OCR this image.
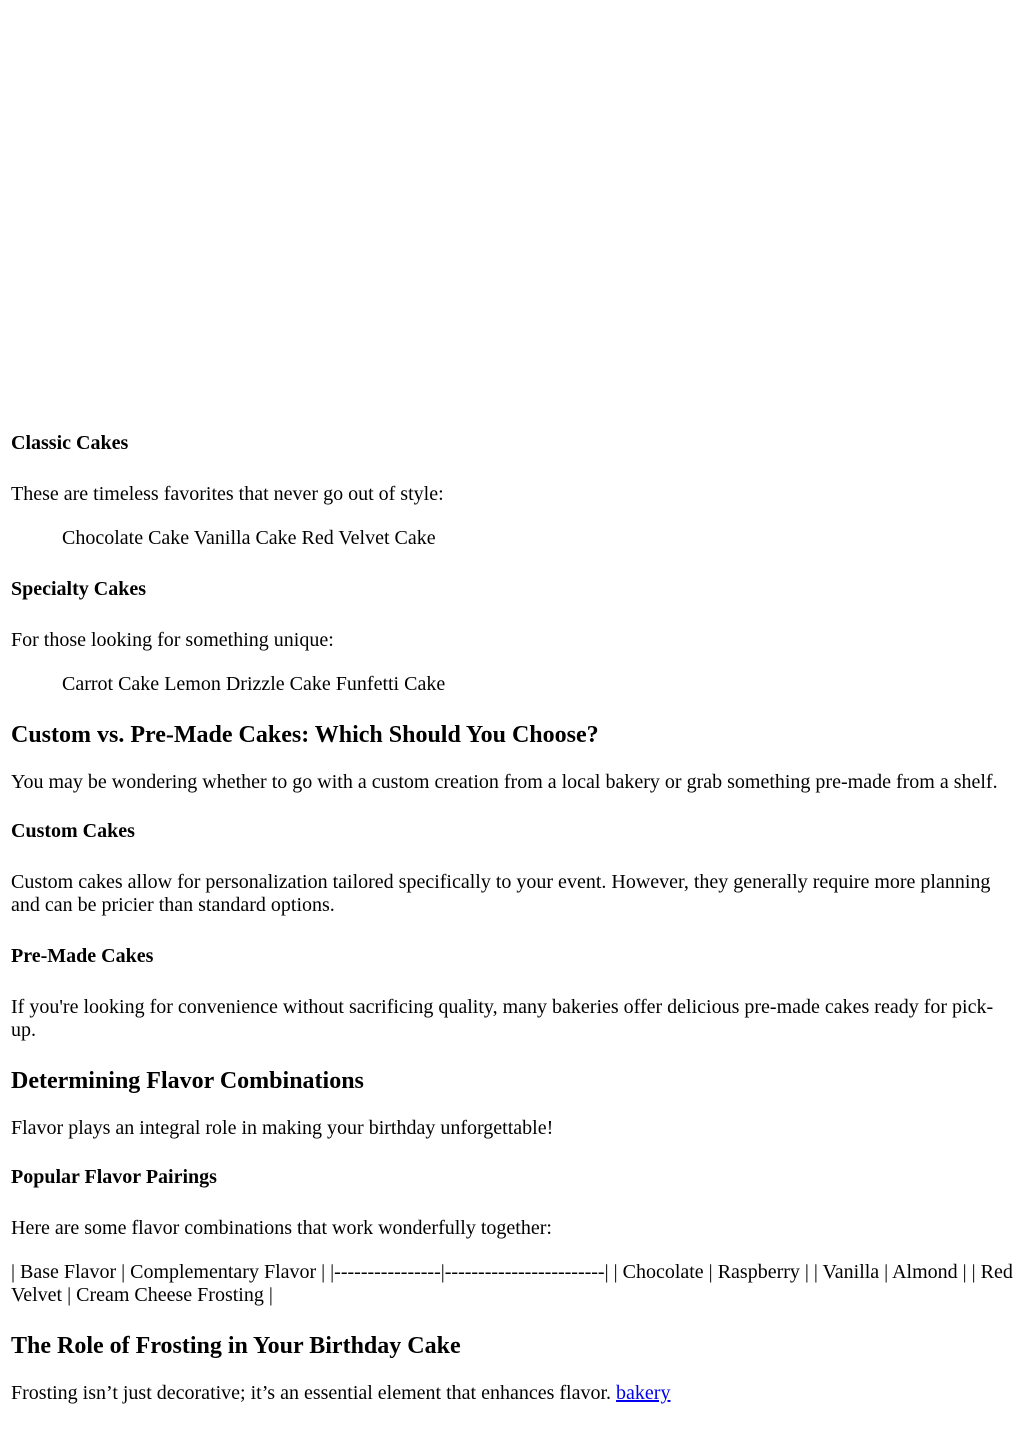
Classic Cakes

These are timeless favorites that never go out of style:

Chocolate Cake Vanilla Cake Red Velvet Cake

Specialty Cakes

For those looking for something unique:

Carrot Cake Lemon Drizzle Cake Funfetti Cake

Custom vs. Pre-Made Cakes: Which Should You Choose?

You may be wondering whether to go with a custom creation from a local bakery or grab something pre-made from a shelf.

Custom Cakes

Custom cakes allow for personalization tailored specifically to your event. However, they generally require more planning and can be pricier than standard options.

Pre-Made Cakes

If you're looking for convenience without sacrificing quality, many bakeries offer delicious pre-made cakes ready for pick-up.

Determining Flavor Combinations

Flavor plays an integral role in making your birthday unforgettable!

Popular Flavor Pairings

Here are some flavor combinations that work wonderfully together:

| Base Flavor | Complementary Flavor | |----------------|------------------------| | Chocolate | Raspberry | | Vanilla | Almond | | Red Velvet | Cream Cheese Frosting |

The Role of Frosting in Your Birthday Cake

Frosting isn’t just decorative; it’s an essential element that enhances flavor. bakery
